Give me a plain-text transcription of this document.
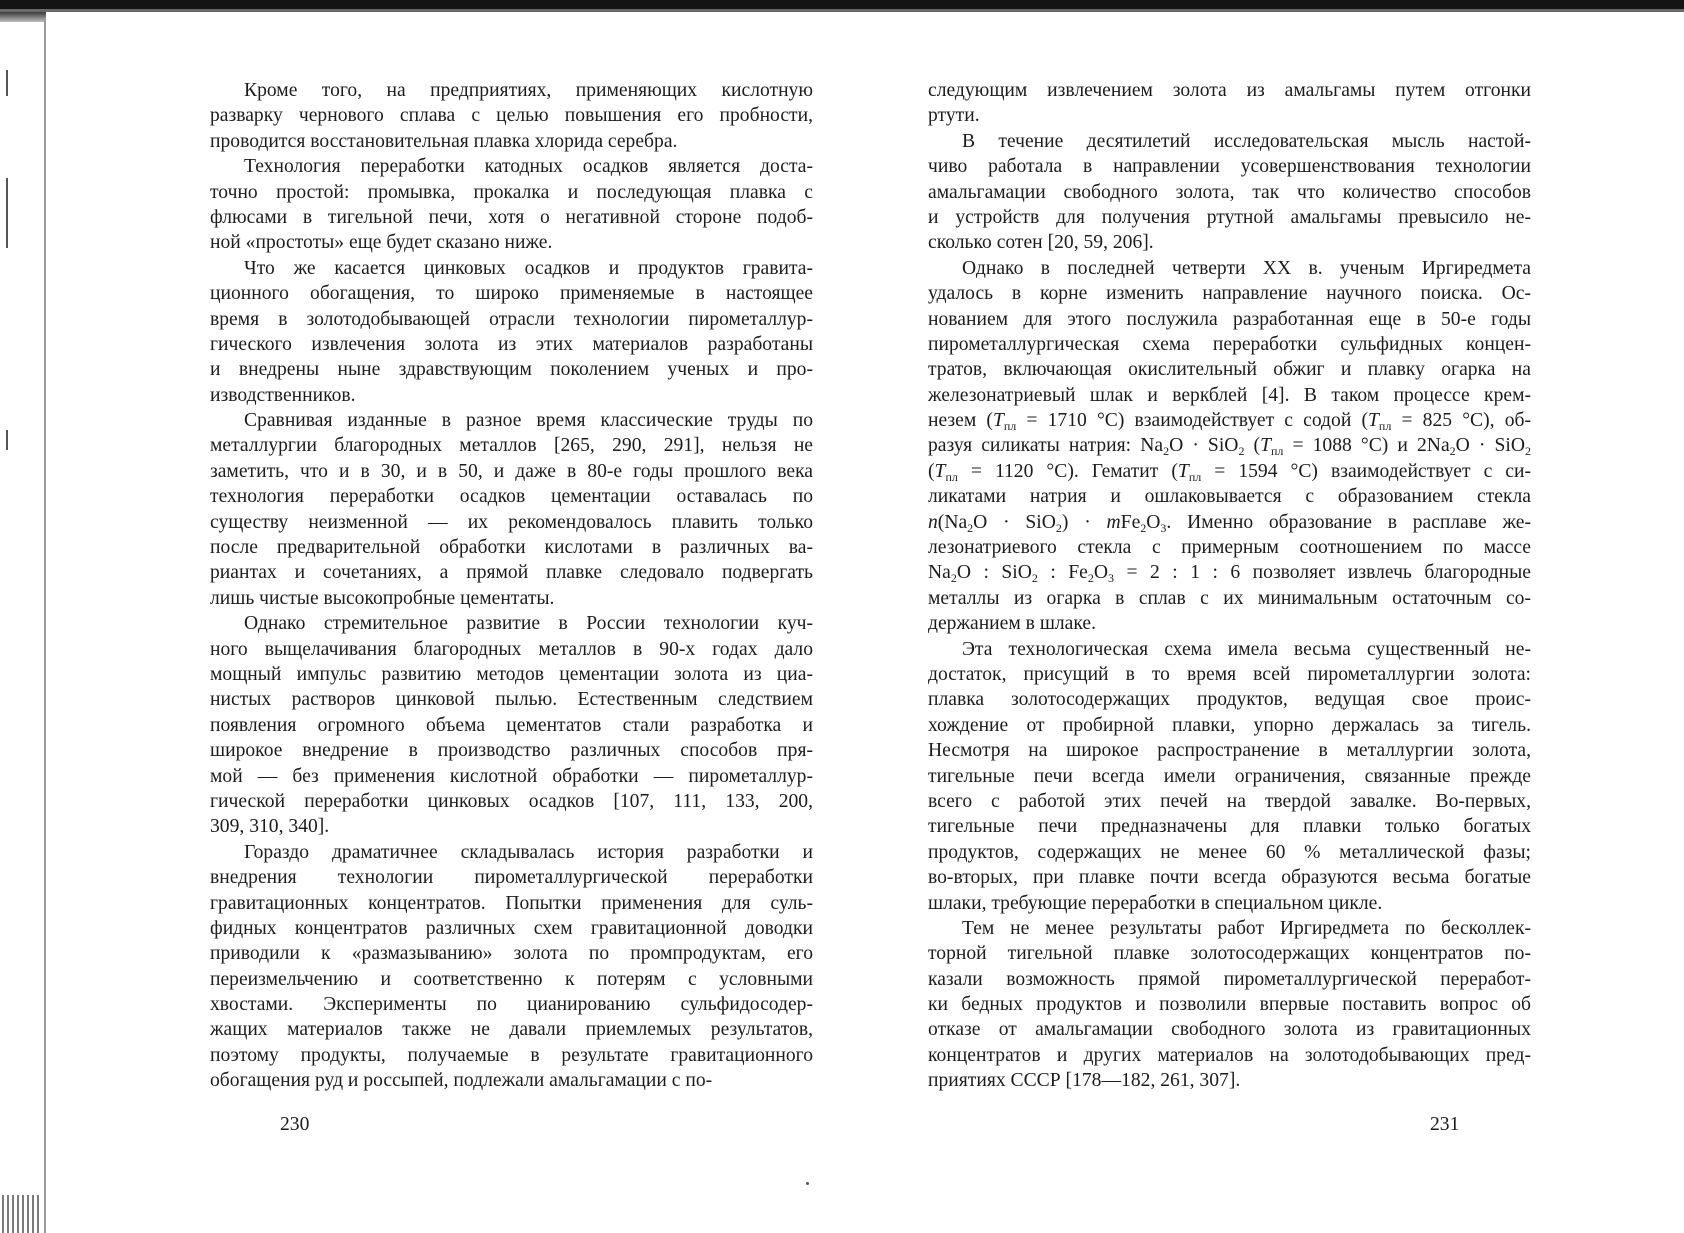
Кроме того, на предприятиях, применяющих кислотную
разварку чернового сплава с целью повышения его пробности,
проводится восстановительная плавка хлорида серебра.
Технология переработки катодных осадков является доста-
точно простой: промывка, прокалка и последующая плавка с
флюсами в тигельной печи, хотя о негативной стороне подоб-
ной «простоты» еще будет сказано ниже.
Что же касается цинковых осадков и продуктов гравита-
ционного обогащения, то широко применяемые в настоящее
время в золотодобывающей отрасли технологии пирометаллур-
гического извлечения золота из этих материалов разработаны
и внедрены ныне здравствующим поколением ученых и про-
изводственников.
Сравнивая изданные в разное время классические труды по
металлургии благородных металлов [265, 290, 291], нельзя не
заметить, что и в 30, и в 50, и даже в 80-е годы прошлого века
технология переработки осадков цементации оставалась по
существу неизменной — их рекомендовалось плавить только
после предварительной обработки кислотами в различных ва-
риантах и сочетаниях, а прямой плавке следовало подвергать
лишь чистые высокопробные цементаты.
Однако стремительное развитие в России технологии куч-
ного выщелачивания благородных металлов в 90-х годах дало
мощный импульс развитию методов цементации золота из циа-
нистых растворов цинковой пылью. Естественным следствием
появления огромного объема цементатов стали разработка и
широкое внедрение в производство различных способов пря-
мой — без применения кислотной обработки — пирометаллур-
гической переработки цинковых осадков [107, 111, 133, 200,
309, 310, 340].
Гораздо драматичнее складывалась история разработки и
внедрения технологии пирометаллургической переработки
гравитационных концентратов. Попытки применения для суль-
фидных концентратов различных схем гравитационной доводки
приводили к «размазыванию» золота по промпродуктам, его
переизмельчению и соответственно к потерям с условными
хвостами. Эксперименты по цианированию сульфидосодер-
жащих материалов также не давали приемлемых результатов,
поэтому продукты, получаемые в результате гравитационного
обогащения руд и россыпей, подлежали амальгамации с по-
следующим извлечением золота из амальгамы путем отгонки
ртути.
В течение десятилетий исследовательская мысль настой-
чиво работала в направлении усовершенствования технологии
амальгамации свободного золота, так что количество способов
и устройств для получения ртутной амальгамы превысило не-
сколько сотен [20, 59, 206].
Однако в последней четверти XX в. ученым Иргиредмета
удалось в корне изменить направление научного поиска. Ос-
нованием для этого послужила разработанная еще в 50-е годы
пирометаллургическая схема переработки сульфидных концен-
тратов, включающая окислительный обжиг и плавку огарка на
железонатриевый шлак и веркблей [4]. В таком процессе крем-
незем ($T_{пл} = 1710$ °С) взаимодействует с содой ($T_{пл} = 825$ °С), об-
разуя силикаты натрия: $Na_2O \cdot SiO_2$ ($T_{пл} = 1088$ °С) и $2Na_2O \cdot SiO_2$
($T_{пл} = 1120$ °С). Гематит ($T_{пл} = 1594$ °С) взаимодействует с си-
ликатами натрия и ошлаковывается с образованием стекла
$n(Na_2O \cdot SiO_2) \cdot mFe_2O_3$. Именно образование в расплаве же-
лезонатриевого стекла с примерным соотношением по массе
$Na_2O$ : SiO$_2$ : $Fe_2O_3 = 2$ : 1 : 6 позволяет извлечь благородные
металлы из огарка в сплав с их минимальным остаточным со-
держанием в шлаке.
Эта технологическая схема имела весьма существенный не-
достаток, присущий в то время всей пирометаллургии золота:
плавка золотосодержащих продуктов, ведущая свое проис-
хождение от пробирной плавки, упорно держалась за тигель.
Несмотря на широкое распространение в металлургии золота,
тигельные печи всегда имели ограничения, связанные прежде
всего с работой этих печей на твердой завалке. Во-первых,
тигельные печи предназначены для плавки только богатых
продуктов, содержащих не менее 60 % металлической фазы;
во-вторых, при плавке почти всегда образуются весьма богатые
шлаки, требующие переработки в специальном цикле.
Тем не менее результаты работ Иргиредмета по бесколлек-
торной тигельной плавке золотосодержащих концентратов по-
казали возможность прямой пирометаллургической переработ-
ки бедных продуктов и позволили впервые поставить вопрос об
отказе от амальгамации свободного золота из гравитационных
концентратов и других материалов на золотодобывающих пред-
приятиях СССР [178—182, 261, 307].
230	231
